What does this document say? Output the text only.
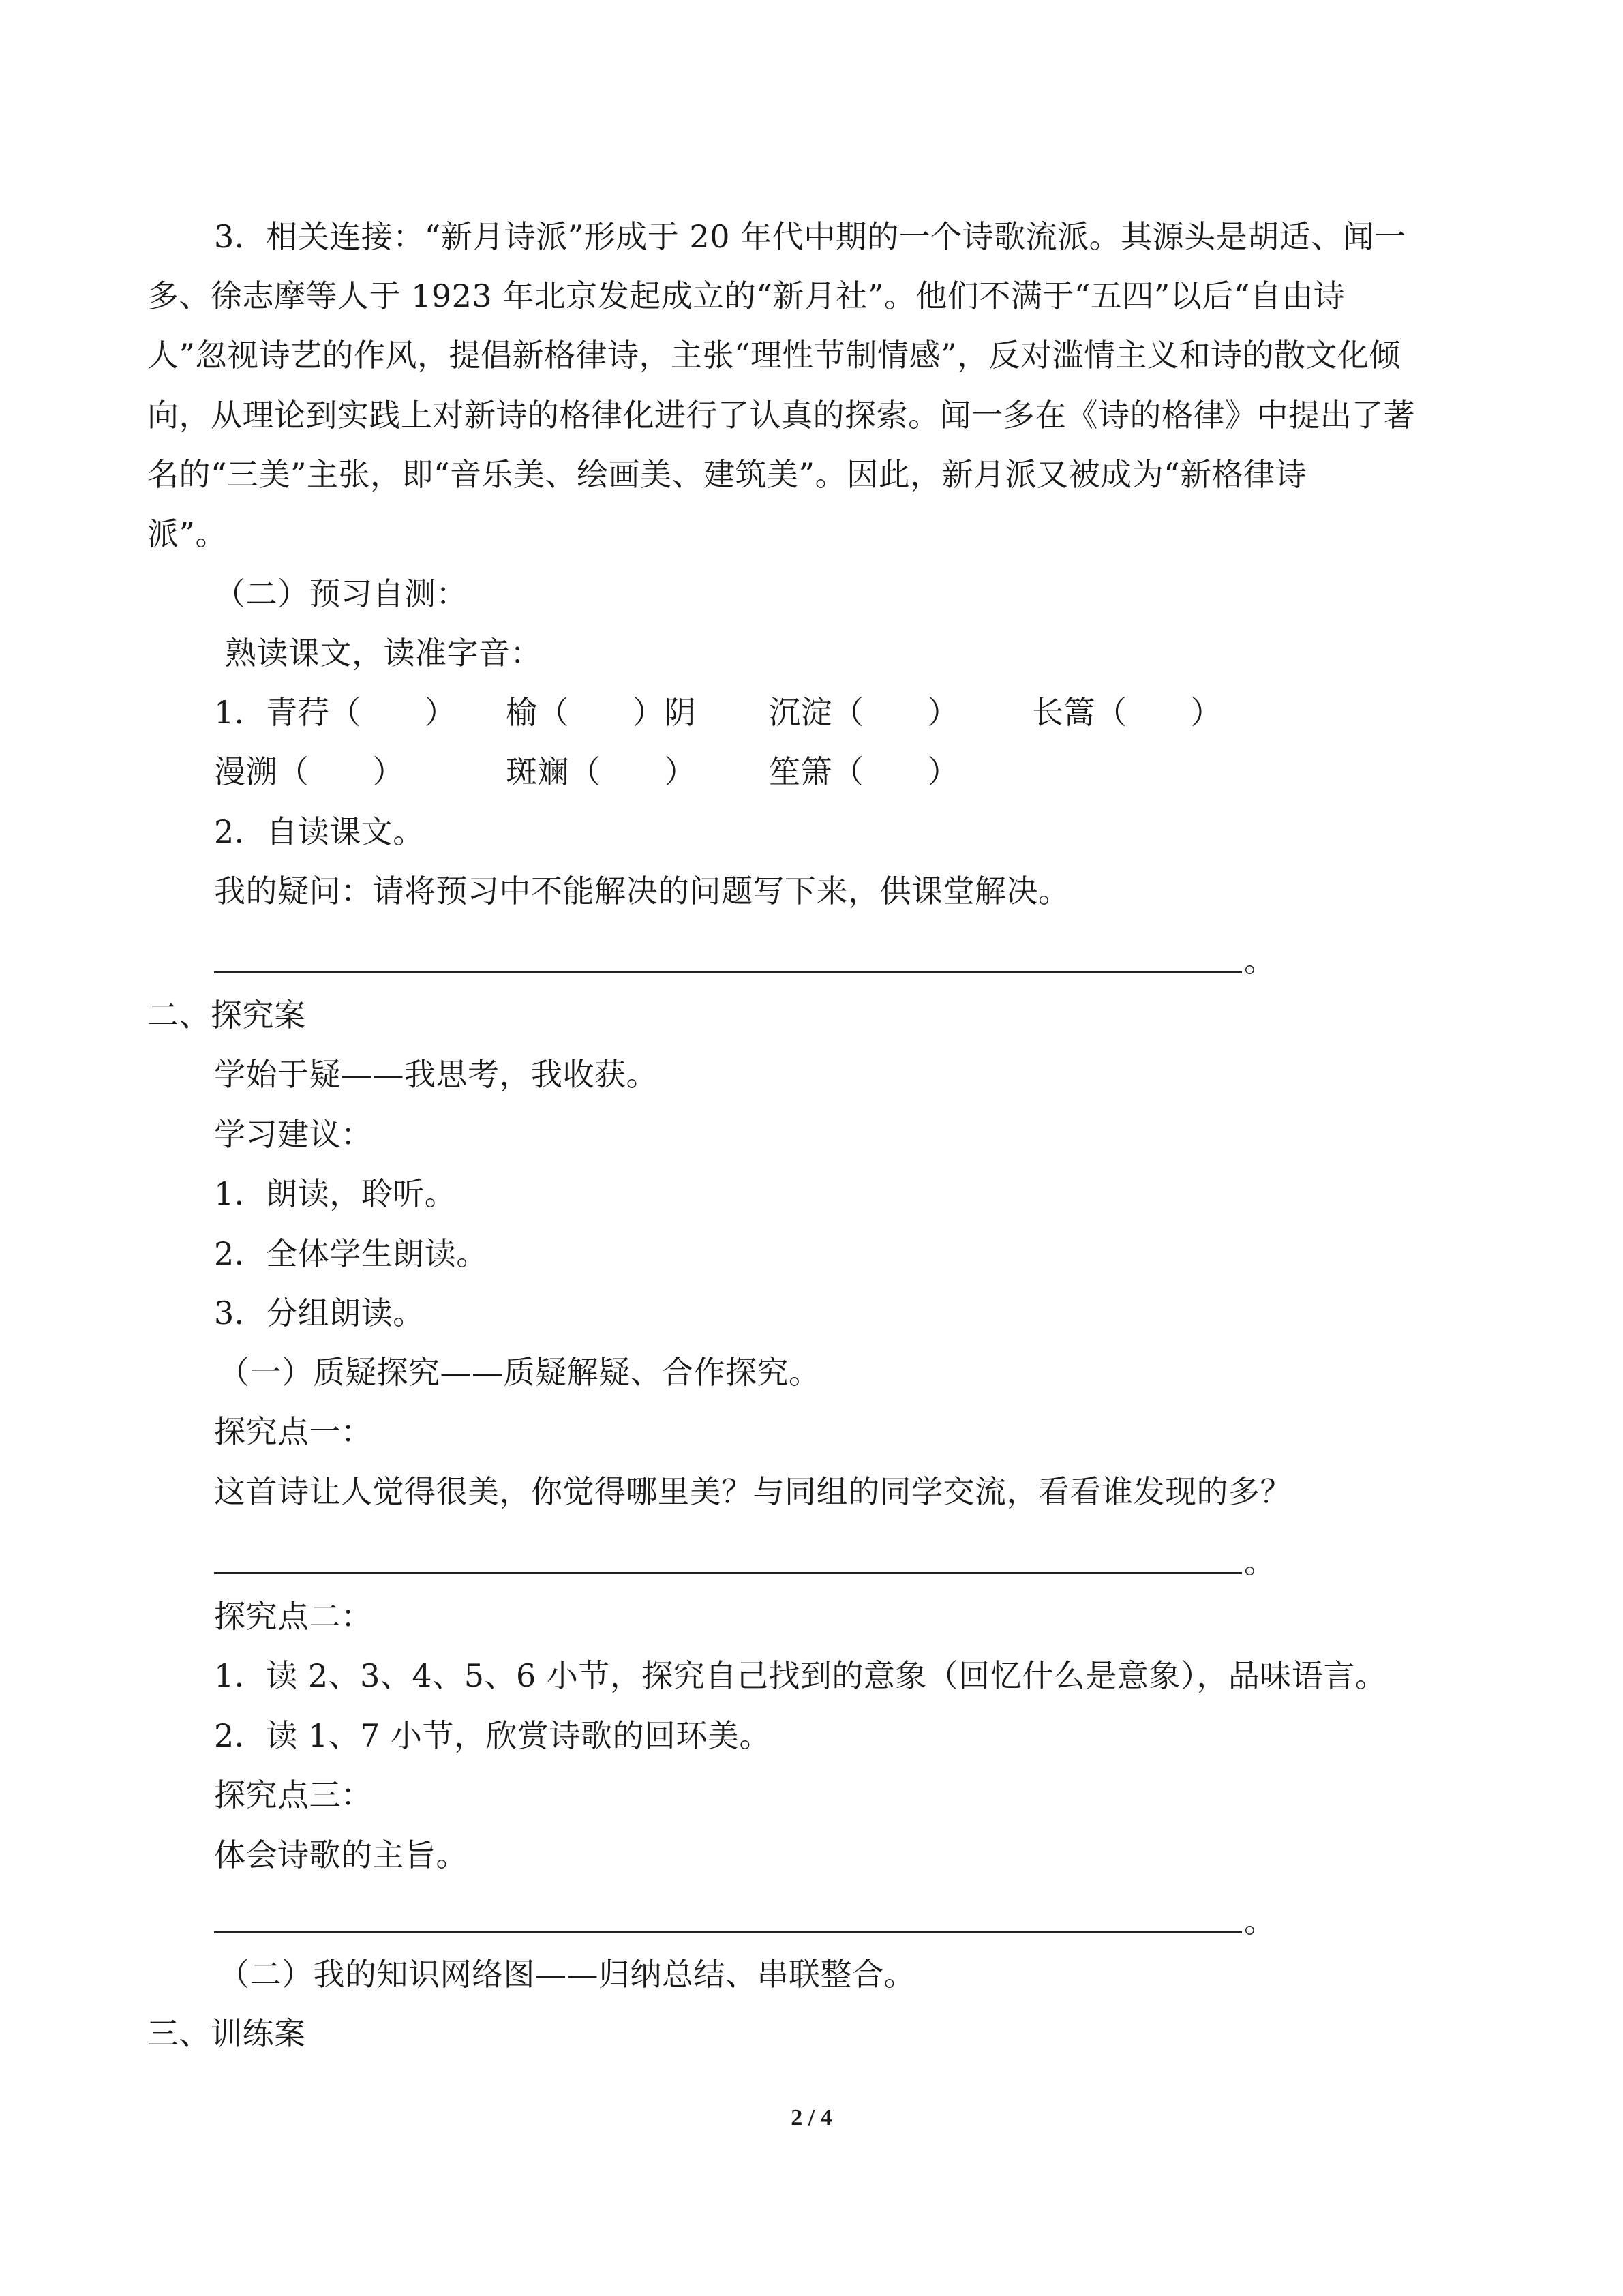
3．相关连接：“新月诗派”形成于 20 年代中期的一个诗歌流派。其源头是胡适、闻一
多、徐志摩等人于 1923 年北京发起成立的“新月社”。他们不满于“五四”以后“自由诗
人”忽视诗艺的作风，提倡新格律诗，主张“理性节制情感”，反对滥情主义和诗的散文化倾
向，从理论到实践上对新诗的格律化进行了认真的探索。闻一多在《诗的格律》中提出了著
名的“三美”主张，即“音乐美、绘画美、建筑美”。因此，新月派又被成为“新格律诗
派”。
（二）预习自测：
熟读课文，读准字音：
1．青荇（　　） 榆（　　）阴 沉淀（　　） 长篙（　　）
漫溯（　　）	斑斓（　　） 笙箫（　　）
2．自读课文。
我的疑问：请将预习中不能解决的问题写下来，供课堂解决。
。
二、探究案
学始于疑——我思考，我收获。
学习建议：
1．朗读，聆听。
2．全体学生朗读。
3．分组朗读。
（一）质疑探究——质疑解疑、合作探究。
探究点一：
这首诗让人觉得很美，你觉得哪里美？与同组的同学交流，看看谁发现的多？
。
探究点二：
1．读 2、3、4、5、6 小节，探究自己找到的意象（回忆什么是意象），品味语言。
2．读 1、7 小节，欣赏诗歌的回环美。
探究点三：
体会诗歌的主旨。
。
（二）我的知识网络图——归纳总结、串联整合。
三、训练案
2 / 4
